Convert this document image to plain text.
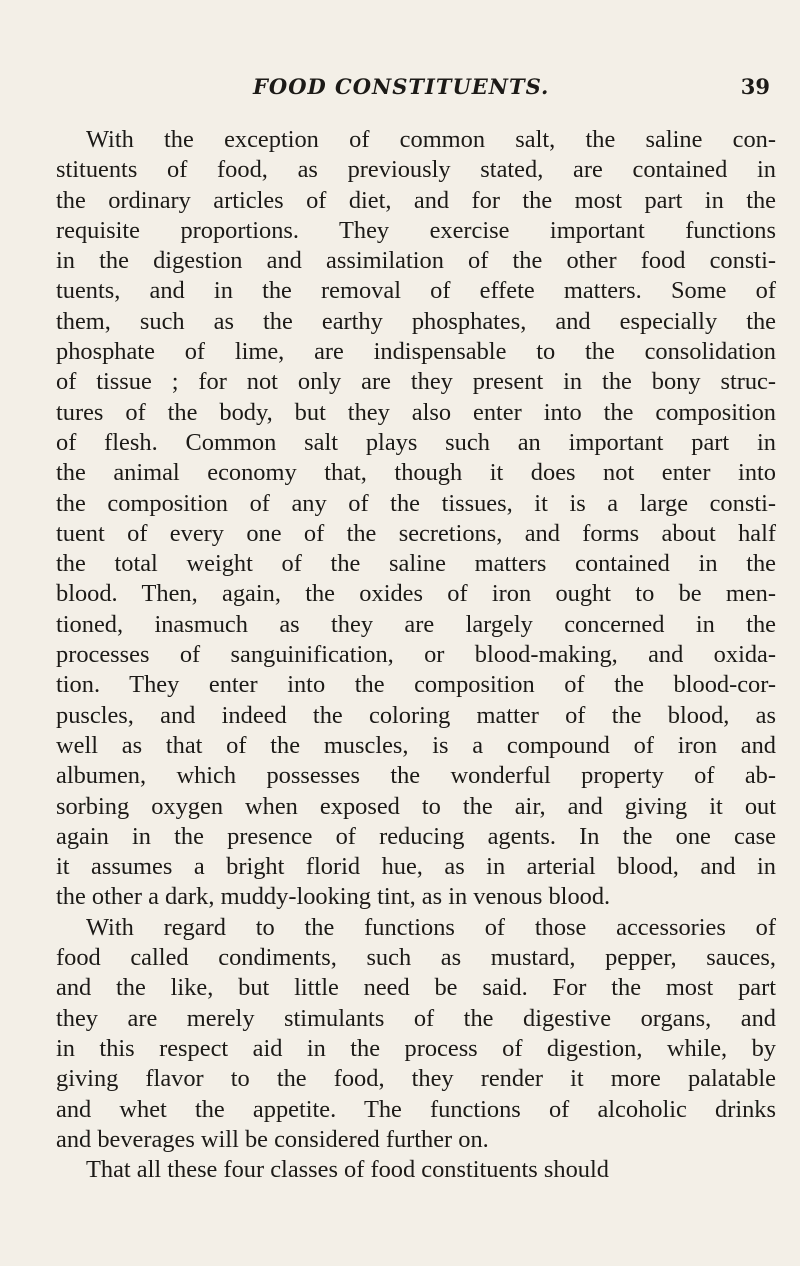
FOOD CONSTITUENTS.	39
With the exception of common salt, the saline con-
stituents of food, as previously stated, are contained in
the ordinary articles of diet, and for the most part in the
requisite proportions. They exercise important functions
in the digestion and assimilation of the other food consti-
tuents, and in the removal of effete matters. Some of
them, such as the earthy phosphates, and especially the
phosphate of lime, are indispensable to the consolidation
of tissue ; for not only are they present in the bony struc-
tures of the body, but they also enter into the composition
of flesh. Common salt plays such an important part in
the animal economy that, though it does not enter into
the composition of any of the tissues, it is a large consti-
tuent of every one of the secretions, and forms about half
the total weight of the saline matters contained in the
blood. Then, again, the oxides of iron ought to be men-
tioned, inasmuch as they are largely concerned in the
processes of sanguinification, or blood-making, and oxida-
tion. They enter into the composition of the blood-cor-
puscles, and indeed the coloring matter of the blood, as
well as that of the muscles, is a compound of iron and
albumen, which possesses the wonderful property of ab-
sorbing oxygen when exposed to the air, and giving it out
again in the presence of reducing agents. In the one case
it assumes a bright florid hue, as in arterial blood, and in
the other a dark, muddy-looking tint, as in venous blood.
With regard to the functions of those accessories of
food called condiments, such as mustard, pepper, sauces,
and the like, but little need be said. For the most part
they are merely stimulants of the digestive organs, and
in this respect aid in the process of digestion, while, by
giving flavor to the food, they render it more palatable
and whet the appetite. The functions of alcoholic drinks
and beverages will be considered further on.
That all these four classes of food constituents should
